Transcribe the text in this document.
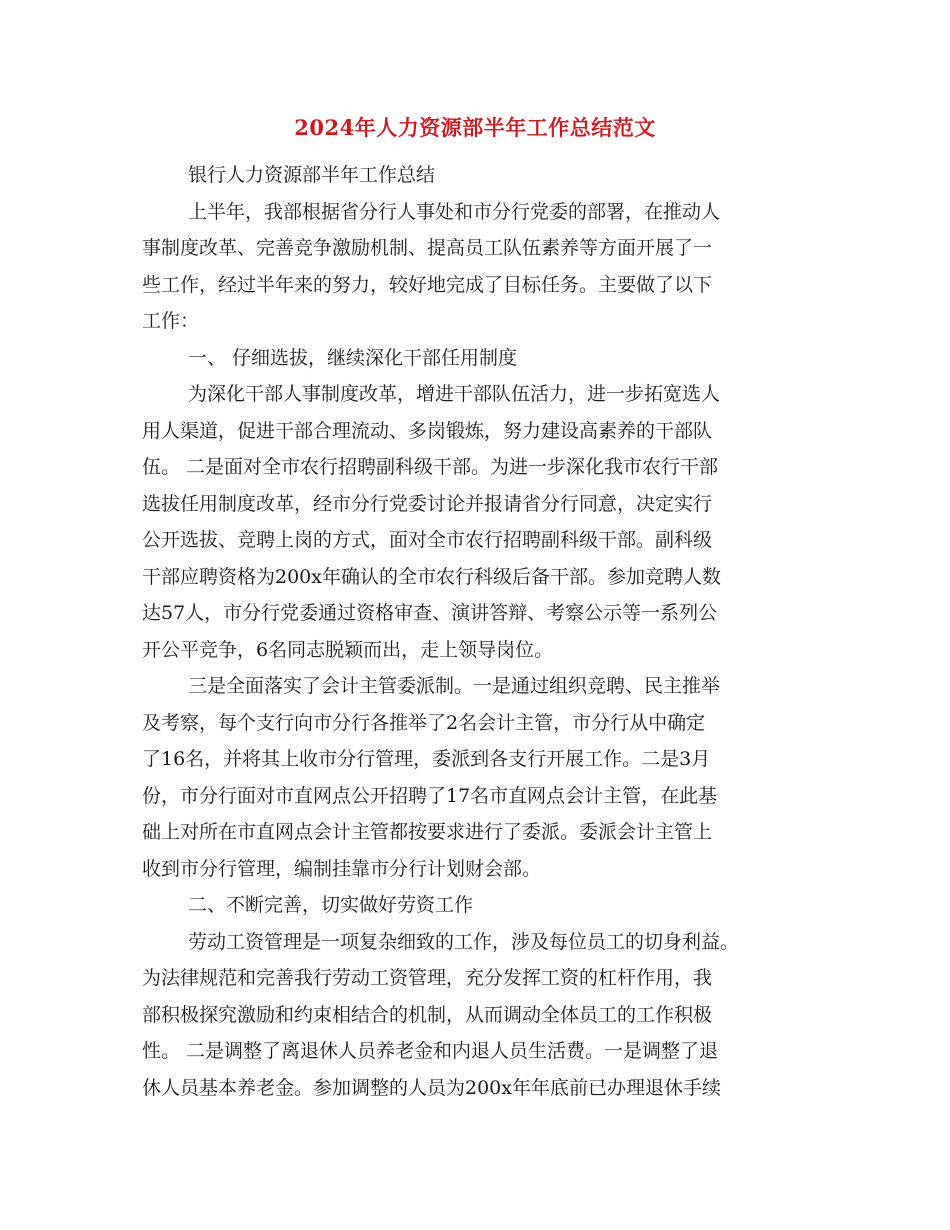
2024年人力资源部半年工作总结范文
银行人力资源部半年工作总结
上半年，我部根据省分行人事处和市分行党委的部署，在推动人
事制度改革、完善竞争激励机制、提高员工队伍素养等方面开展了一
些工作，经过半年来的努力，较好地完成了目标任务。主要做了以下
工作：
一、 仔细选拔，继续深化干部任用制度
为深化干部人事制度改革，增进干部队伍活力，进一步拓宽选人
用人渠道，促进干部合理流动、多岗锻炼，努力建设高素养的干部队
伍。 二是面对全市农行招聘副科级干部。为进一步深化我市农行干部
选拔任用制度改革，经市分行党委讨论并报请省分行同意，决定实行
公开选拔、竞聘上岗的方式，面对全市农行招聘副科级干部。副科级
干部应聘资格为200x年确认的全市农行科级后备干部。参加竞聘人数
达57人，市分行党委通过资格审查、演讲答辩、考察公示等一系列公
开公平竞争，6名同志脱颖而出，走上领导岗位。
三是全面落实了会计主管委派制。一是通过组织竞聘、民主推举
及考察，每个支行向市分行各推举了2名会计主管，市分行从中确定
了16名，并将其上收市分行管理，委派到各支行开展工作。二是3月
份，市分行面对市直网点公开招聘了17名市直网点会计主管，在此基
础上对所在市直网点会计主管都按要求进行了委派。委派会计主管上
收到市分行管理，编制挂靠市分行计划财会部。
二、不断完善，切实做好劳资工作
劳动工资管理是一项复杂细致的工作，涉及每位员工的切身利益。
为法律规范和完善我行劳动工资管理，充分发挥工资的杠杆作用，我
部积极探究激励和约束相结合的机制，从而调动全体员工的工作积极
性。 二是调整了离退休人员养老金和内退人员生活费。一是调整了退
休人员基本养老金。参加调整的人员为200x年年底前已办理退休手续
